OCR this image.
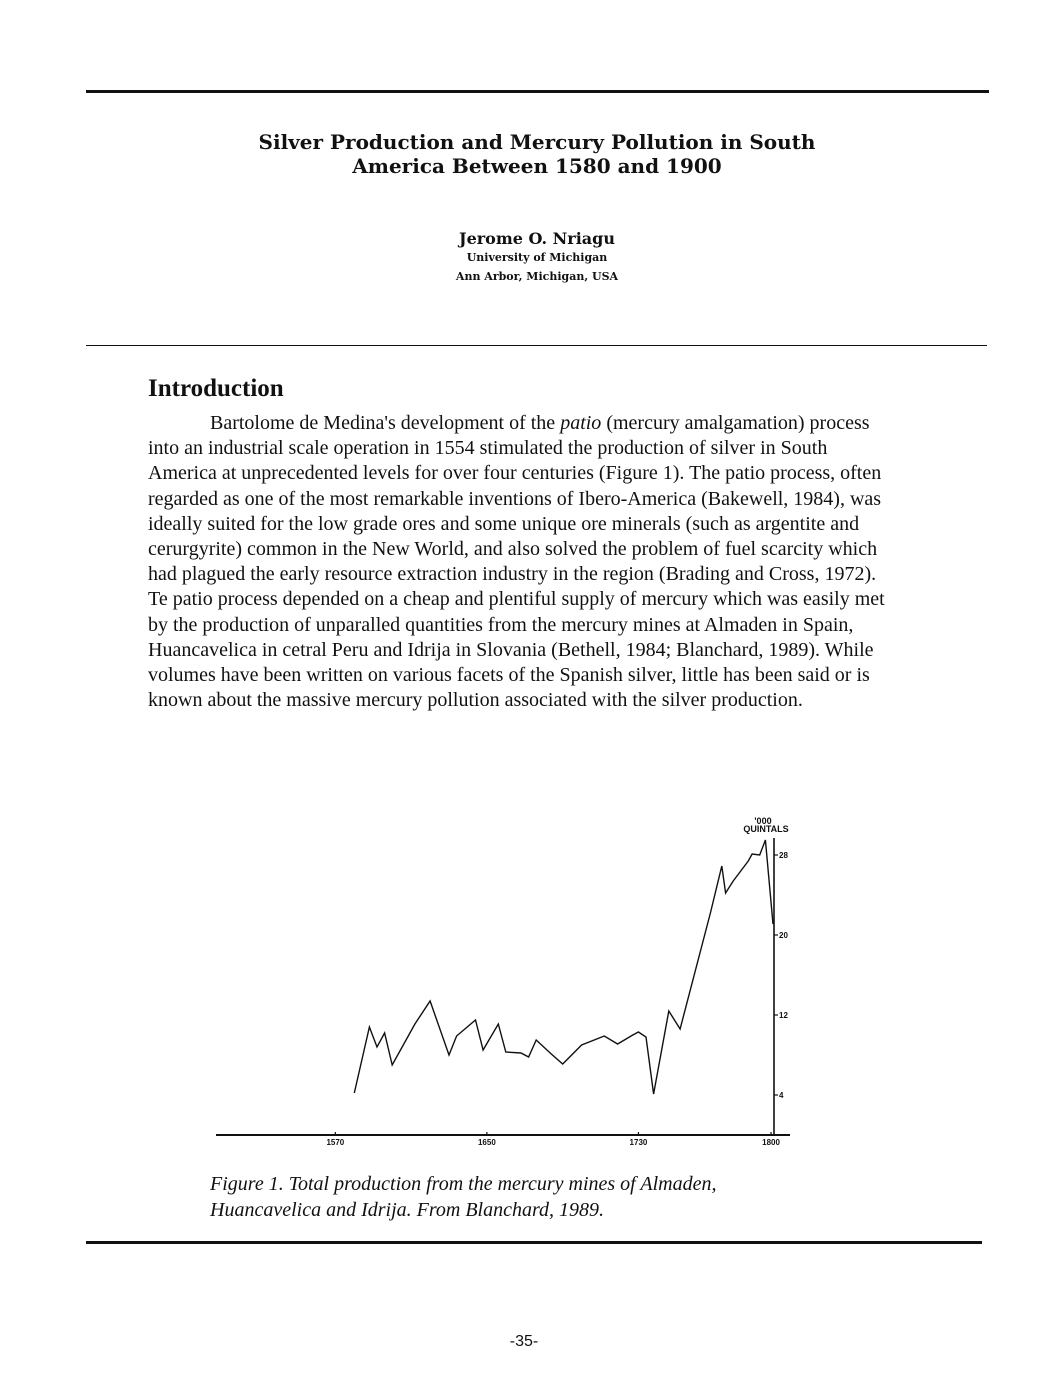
Silver Production and Mercury Pollution in South
America Between 1580 and 1900
Jerome O. Nriagu
University of Michigan
Ann Arbor, Michigan, USA
Introduction
Bartolome de Medina's development of the patio (mercury amalgamation) process
into an industrial scale operation in 1554 stimulated the production of silver in South
America at unprecedented levels for over four centuries (Figure 1). The patio process, often
regarded as one of the most remarkable inventions of Ibero-America (Bakewell, 1984), was
ideally suited for the low grade ores and some unique ore minerals (such as argentite and
cerurgyrite) common in the New World, and also solved the problem of fuel scarcity which
had plagued the early resource extraction industry in the region (Brading and Cross, 1972).
Te patio process depended on a cheap and plentiful supply of mercury which was easily met
by the production of unparalled quantities from the mercury mines at Almaden in Spain,
Huancavelica in cetral Peru and Idrija in Slovania (Bethell, 1984; Blanchard, 1989). While
volumes have been written on various facets of the Spanish silver, little has been said or is
known about the massive mercury pollution associated with the silver production.
'000
QUINTALS
1570	1650	1730	1800
4
12
20
28
Figure 1. Total production from the mercury mines of Almaden,
Huancavelica and Idrija. From Blanchard, 1989.
-35-
